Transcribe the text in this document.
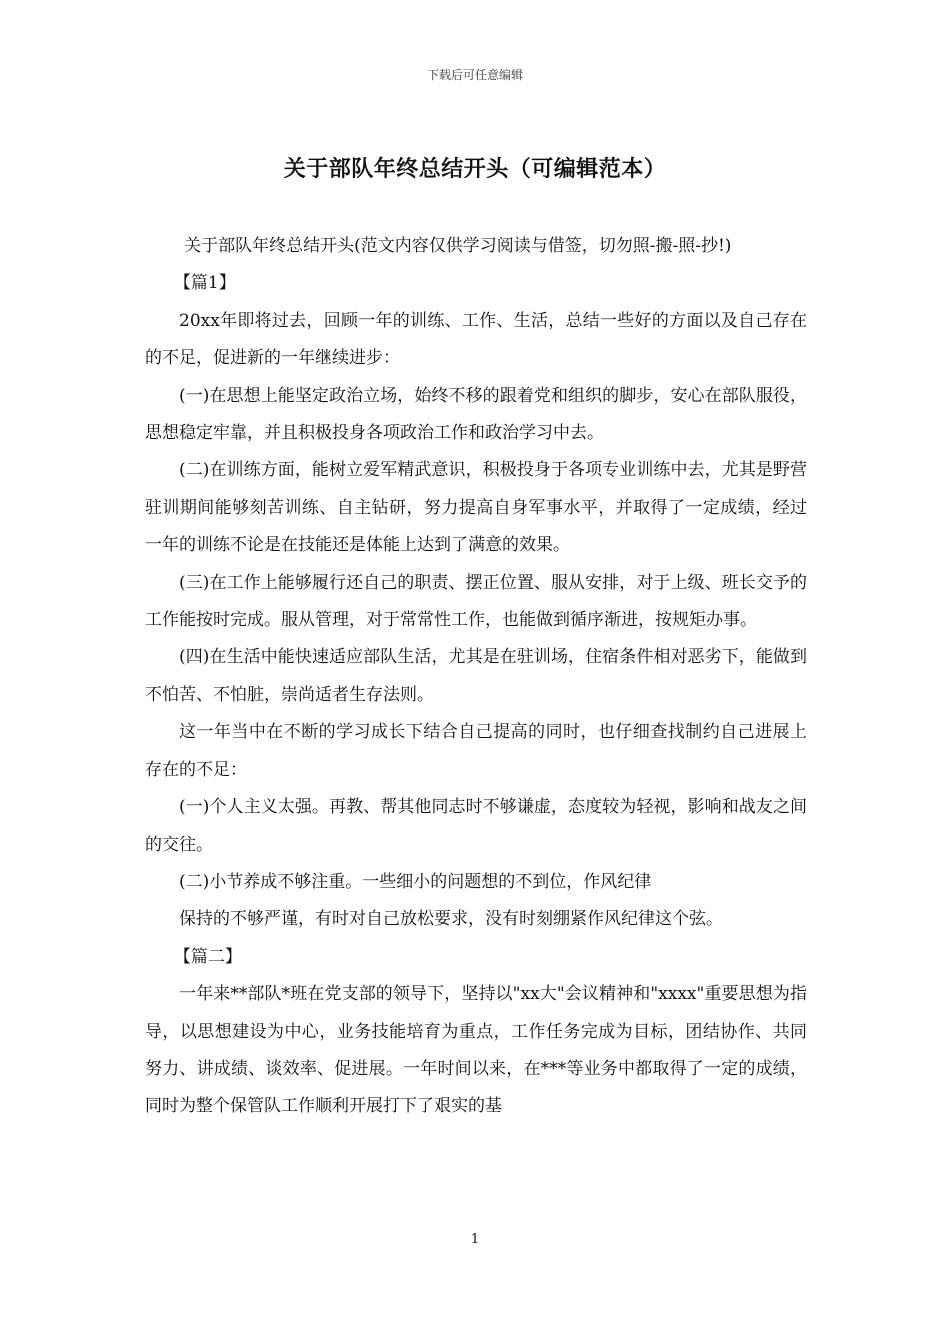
下载后可任意编辑
关于部队年终总结开头（可编辑范本）

关于部队年终总结开头(范文内容仅供学习阅读与借签，切勿照-搬-照-抄!)

【篇1】

20xx年即将过去，回顾一年的训练、工作、生活，总结一些好的方面以及自己存在的不足，促进新的一年继续进步：

(一)在思想上能坚定政治立场，始终不移的跟着党和组织的脚步，安心在部队服役，思想稳定牢靠，并且积极投身各项政治工作和政治学习中去。

(二)在训练方面，能树立爱军精武意识，积极投身于各项专业训练中去，尤其是野营驻训期间能够刻苦训练、自主钻研，努力提高自身军事水平，并取得了一定成绩，经过一年的训练不论是在技能还是体能上达到了满意的效果。

(三)在工作上能够履行还自己的职责、摆正位置、服从安排，对于上级、班长交予的工作能按时完成。服从管理，对于常常性工作，也能做到循序渐进，按规矩办事。

(四)在生活中能快速适应部队生活，尤其是在驻训场，住宿条件相对恶劣下，能做到不怕苦、不怕脏，崇尚适者生存法则。

这一年当中在不断的学习成长下结合自己提高的同时，也仔细查找制约自己进展上存在的不足：

(一)个人主义太强。再教、帮其他同志时不够谦虚，态度较为轻视，影响和战友之间的交往。

(二)小节养成不够注重。一些细小的问题想的不到位，作风纪律

保持的不够严谨，有时对自己放松要求，没有时刻绷紧作风纪律这个弦。

【篇二】

一年来**部队*班在党支部的领导下，坚持以"xx大"会议精神和"xxxx"重要思想为指导，以思想建设为中心，业务技能培育为重点，工作任务完成为目标，团结协作、共同努力、讲成绩、谈效率、促进展。一年时间以来，在***等业务中都取得了一定的成绩，同时为整个保管队工作顺利开展打下了艰实的基

1
